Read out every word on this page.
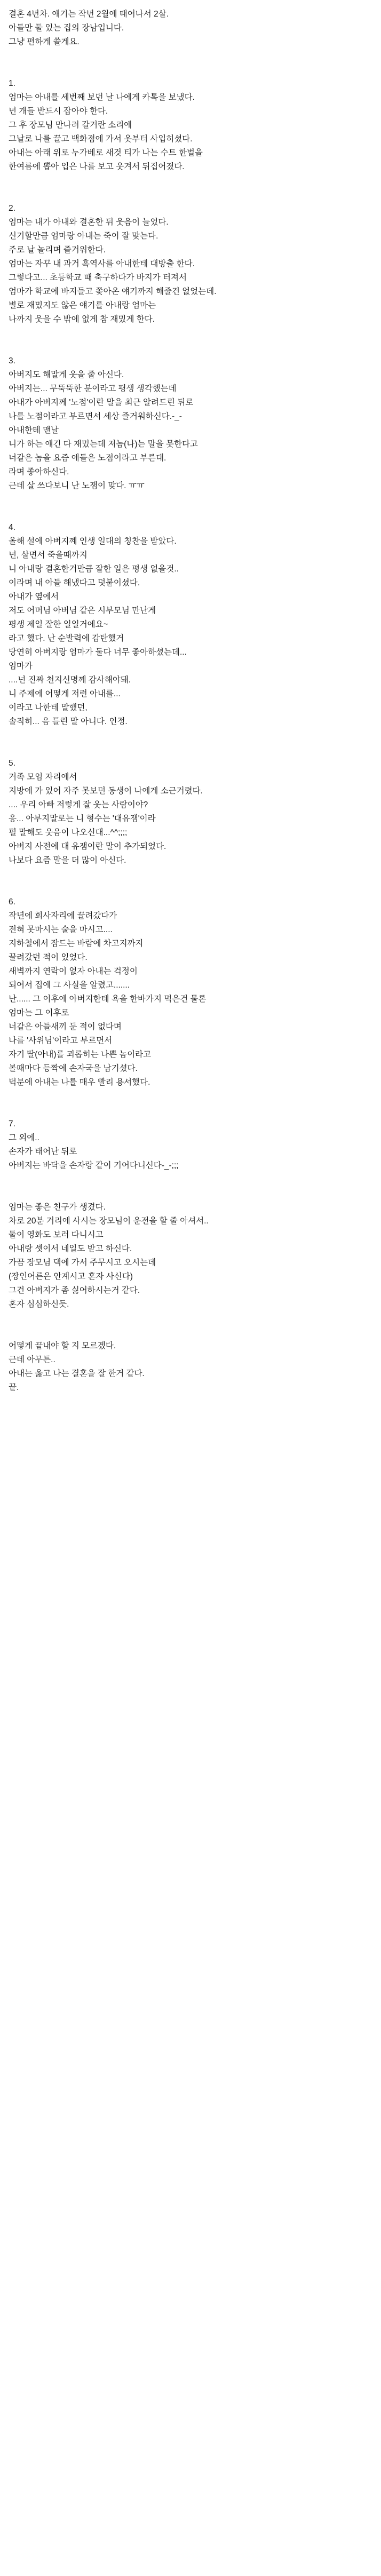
결혼 4년차. 애기는 작년 2월에 태어나서 2살.
아들만 둘 있는 집의 장남입니다.
그냥 편하게 쓸게요.
1.
엄마는 아내를 세번째 보던 날 나에게 카톡을 보냈다.
넌 개들 반드시 잡아야 한다.
그 후 장모님 만나러 갈거란 소리에
그날로 나를 끌고 백화점에 가서 옷부터 사입히셨다.
아내는 아래 위로 누가베로 새것 티가 나는 수트 한벌을
한여름에 뽑아 입은 나를 보고 웃겨서 뒤집어졌다.
2.
엄마는 내가 아내와 결혼한 뒤 웃음이 늘었다.
신기할만큼 엄마랑 아내는 죽이 잘 맞는다.
주로 날 놀리며 즐거워한다.
엄마는 자꾸 내 과거 흑역사를 아내한테 대방출 한다.
그렇다고... 초등학교 때 축구하다가 바지가 터져서
엄마가 학교에 바지들고 쫒아온 얘기까지 해줄건 없었는데.
별로 재밌지도 않은 얘기를 아내랑 엄마는
나까지 웃을 수 밖에 없게 참 재밌게 한다.
3.
아버지도 해말게 웃을 줄 아신다.
아버지는... 무뚝뚝한 분이라고 평생 생각했는데
아내가 아버지께 '노점'이란 말을 최근 알려드린 뒤로
나를 노점이라고 부르면서 세상 즐거워하신다.-_-
아내한테 맨날
니가 하는 얘긴 다 재밌는데 저놈(나)는 말을 못한다고
너같은 놈을 요즘 애들은 노점이라고 부른대.
라며 좋아하신다.
근데 살 쓰다보니 난 노잼이 맞다. ㅠㅠ
4.
올해 설에 아버지꼐 인생 일대의 칭찬을 받았다.
넌, 살면서 죽을때까지
니 아내랑 결혼한거만큼 잘한 일은 평생 없을것..
이라며 내 아들 해냈다고 덧붙이셨다.
아내가 옆에서
저도 어머님 아버님 같은 시부모님 만난게
평생 제일 잘한 일일거에요~
라고 했다. 난 순발력에 감탄했거
당연히 아버지랑 엄마가 둘다 너무 좋아하셨는데...
엄마가
....넌 진짜 천지신명께 감사해야돼.
니 주제에 어떻게 저런 아내를...
이라고 나한테 말했던,
솔직히... 음 틀린 말 아니다. 인정.
5.
거족 모임 자리에서
지방에 가 있어 자주 못보던 동생이 나에게 소근거렸다.
.... 우리 아빠 저렇게 잘 웃는 사람이야?
응... 아부지말로는 니 형수는 '대유잼'이라
펼 말해도 웃음이 나오신대...^^;;;;
아버지 사전에 대 유잼이란 말이 추가되었다.
나보다 요즘 말을 더 많이 아신다.
6.
작년에 회사자리에 끌려갔다가
전혀 못마시는 술을 마시고....
지하철에서 잠드는 바람에 차고지까지
끌려갔던 적이 있었다.
새벽까지 연락이 없자 아내는 걱정이
되어서 집에 그 사실을 알렸고.......
난...... 그 이후에 아버지한테 욕을 한바가지 먹은건 물론
엄마는 그 이후로
너같은 아들새끼 둔 적이 없다며
나를 '사위님'이라고 부르면서
자기 딸(아내)를 괴롭히는 나쁜 놈이라고
볼때마다 등짝에 손자국을 남기셨다.
덕분에 아내는 나를 매우 빨리 용서했다.
7.
그 외에..
손자가 태어난 뒤로
아버지는 바닥을 손자랑 같이 기어다니신다-_-;;;
엄마는 좋은 친구가 생겼다.
차로 20분 거리에 사시는 장모님이 운전을 할 줄 아셔서..
둘이 영화도 보러 다니시고
아내랑 셋이서 네일도 받고 하신다.
가끔 장모님 댁에 가서 주무시고 오시는데
(장인어른은 안계시고 혼자 사신다)
그건 아버지가 좀 싫어하시는거 같다.
혼자 심심하신듯.
어떻게 끝내야 할 지 모르겠다.
근데 아무튼..
아내는 옳고 나는 결혼을 잘 한거 같다.
끝.
